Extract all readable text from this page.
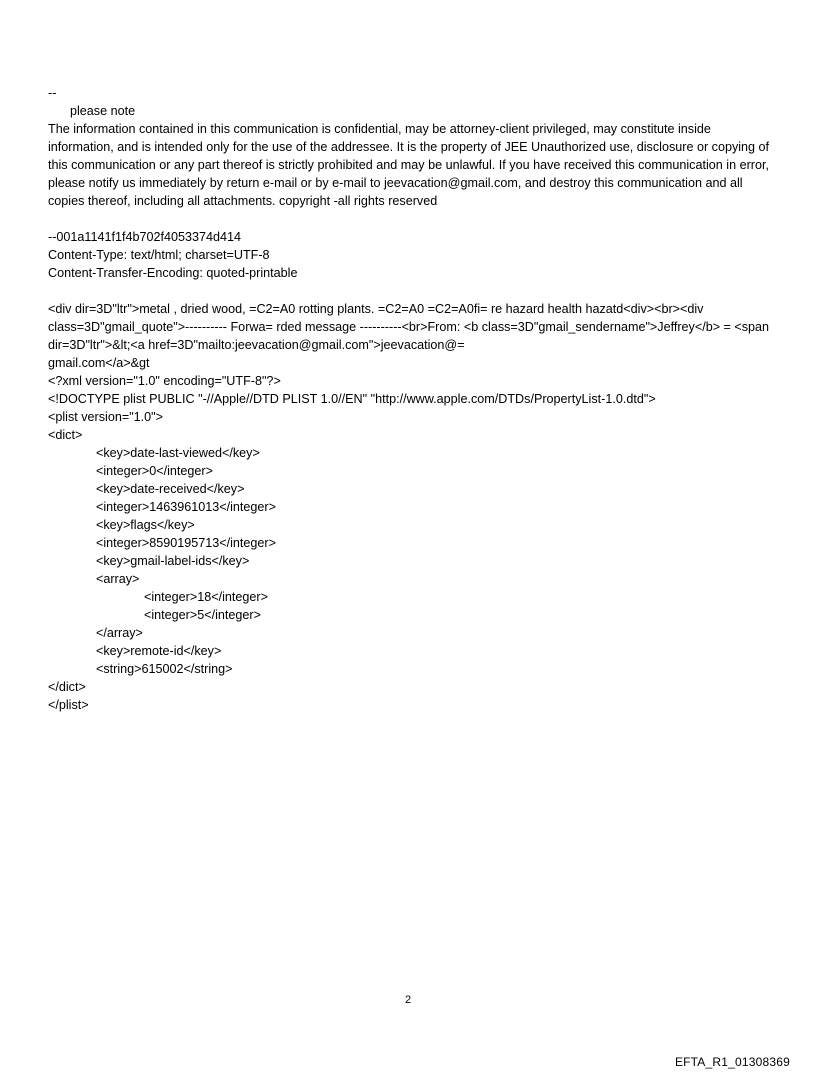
--
please note
The information contained in this communication is confidential, may be attorney-client privileged, may constitute inside information, and is intended only for the use of the addressee. It is the property of JEE Unauthorized use, disclosure or copying of this communication or any part thereof is strictly prohibited and may be unlawful. If you have received this communication in error, please notify us immediately by return e-mail or by e-mail to jeevacation@gmail.com, and destroy this communication and all copies thereof, including all attachments. copyright -all rights reserved
--001a1141f1f4b702f4053374d414
Content-Type: text/html; charset=UTF-8
Content-Transfer-Encoding: quoted-printable
<div dir=3D"ltr">metal , dried wood, =C2=A0 rotting plants. =C2=A0 =C2=A0fi= re hazard health hazatd<div><br><div class=3D"gmail_quote">---------- Forwa= rded message ----------<br>From: <b class=3D"gmail_sendername">Jeffrey</b> = <span dir=3D"ltr">&lt;<a href=3D"mailto:jeevacation@gmail.com">jeevacation@=
gmail.com</a>&gt
<?xml version="1.0" encoding="UTF-8"?>
<!DOCTYPE plist PUBLIC "-//Apple//DTD PLIST 1.0//EN" "http://www.apple.com/DTDs/PropertyList-1.0.dtd">
<plist version="1.0">
<dict>
<key>date-last-viewed</key>
<integer>0</integer>
<key>date-received</key>
<integer>1463961013</integer>
<key>flags</key>
<integer>8590195713</integer>
<key>gmail-label-ids</key>
<array>
<integer>18</integer>
<integer>5</integer>
</array>
<key>remote-id</key>
<string>615002</string>
</dict>
</plist>
2
EFTA_R1_01308369
